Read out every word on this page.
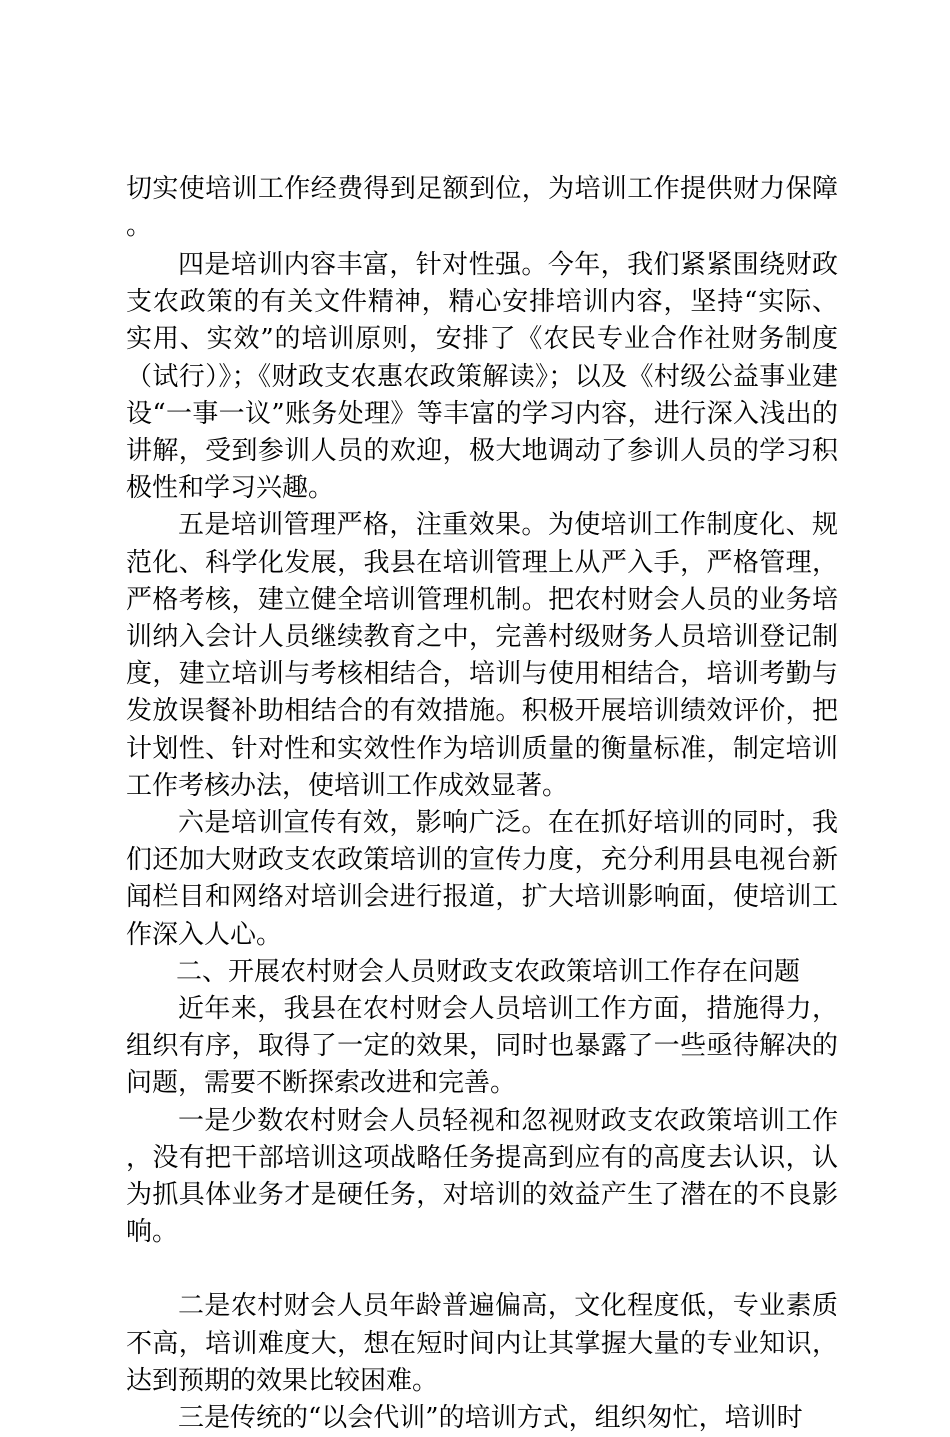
切实使培训工作经费得到足额到位，为培训工作提供财力保障。

四是培训内容丰富，针对性强。今年，我们紧紧围绕财政支农政策的有关文件精神，精心安排培训内容，坚持“实际、实用、实效”的培训原则，安排了《农民专业合作社财务制度（试行）》；《财政支农惠农政策解读》；以及《村级公益事业建设“一事一议”账务处理》等丰富的学习内容，进行深入浅出的讲解，受到参训人员的欢迎，极大地调动了参训人员的学习积极性和学习兴趣。

五是培训管理严格，注重效果。为使培训工作制度化、规范化、科学化发展，我县在培训管理上从严入手，严格管理，严格考核，建立健全培训管理机制。把农村财会人员的业务培训纳入会计人员继续教育之中，完善村级财务人员培训登记制度，建立培训与考核相结合，培训与使用相结合，培训考勤与发放误餐补助相结合的有效措施。积极开展培训绩效评价，把计划性、针对性和实效性作为培训质量的衡量标准，制定培训工作考核办法，使培训工作成效显著。

六是培训宣传有效，影响广泛。在在抓好培训的同时，我们还加大财政支农政策培训的宣传力度，充分利用县电视台新闻栏目和网络对培训会进行报道，扩大培训影响面，使培训工作深入人心。

二、开展农村财会人员财政支农政策培训工作存在问题

近年来，我县在农村财会人员培训工作方面，措施得力，组织有序，取得了一定的效果，同时也暴露了一些亟待解决的问题，需要不断探索改进和完善。

一是少数农村财会人员轻视和忽视财政支农政策培训工作，没有把干部培训这项战略任务提高到应有的高度去认识，认为抓具体业务才是硬任务，对培训的效益产生了潜在的不良影响。

二是农村财会人员年龄普遍偏高，文化程度低，专业素质不高，培训难度大，想在短时间内让其掌握大量的专业知识，达到预期的效果比较困难。

三是传统的“以会代训”的培训方式，组织匆忙，培训时
